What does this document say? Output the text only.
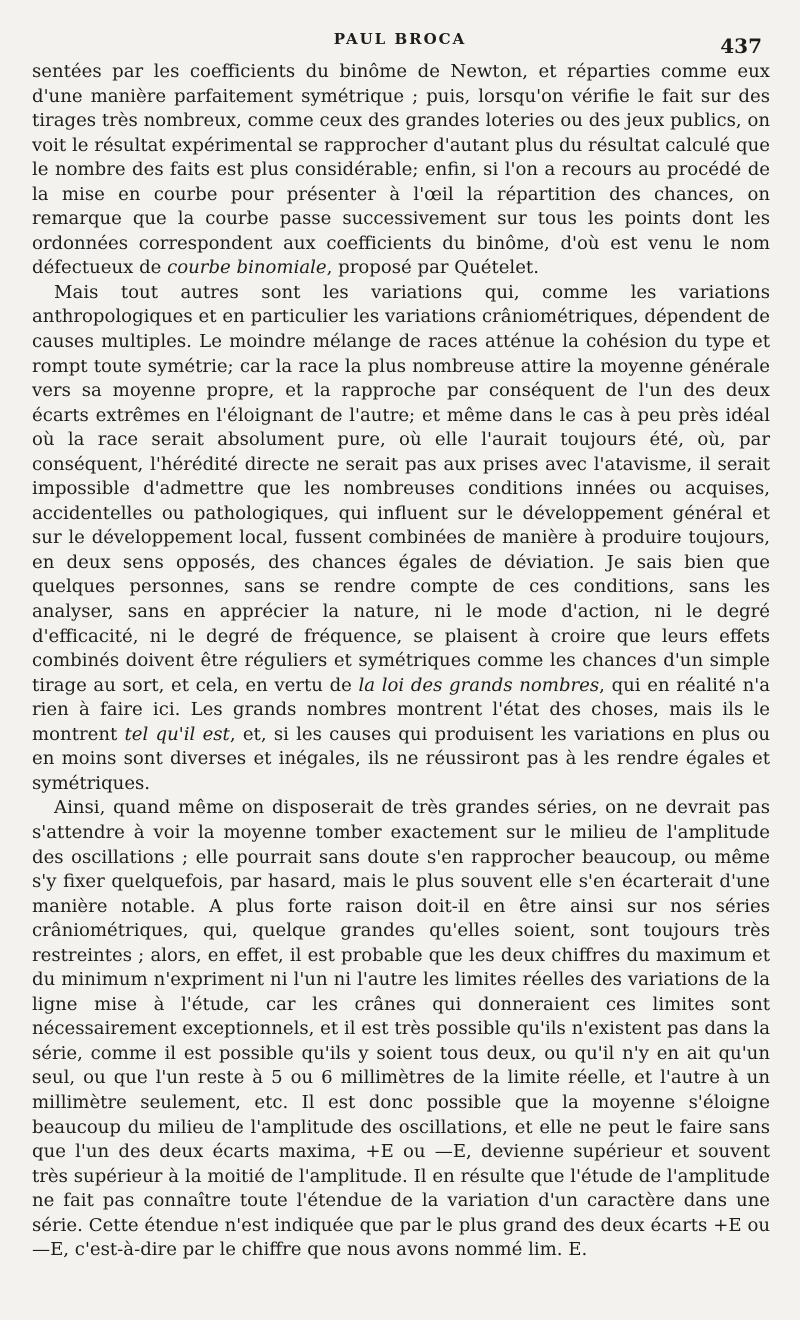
PAUL BROCA	437

sentées par les coefficients du binôme de Newton, et réparties comme eux d'une manière parfaitement symétrique ; puis, lorsqu'on vérifie le fait sur des tirages très nombreux, comme ceux des grandes loteries ou des jeux publics, on voit le résultat expérimental se rapprocher d'autant plus du résultat calculé que le nombre des faits est plus considérable; enfin, si l'on a recours au procédé de la mise en courbe pour présenter à l'œil la répartition des chances, on remarque que la courbe passe successivement sur tous les points dont les ordonnées correspondent aux coefficients du binôme, d'où est venu le nom défectueux de courbe binomiale, proposé par Quételet.

Mais tout autres sont les variations qui, comme les variations anthropologiques et en particulier les variations crâniométriques, dépendent de causes multiples. Le moindre mélange de races atténue la cohésion du type et rompt toute symétrie; car la race la plus nombreuse attire la moyenne générale vers sa moyenne propre, et la rapproche par conséquent de l'un des deux écarts extrêmes en l'éloignant de l'autre; et même dans le cas à peu près idéal où la race serait absolument pure, où elle l'aurait toujours été, où, par conséquent, l'hérédité directe ne serait pas aux prises avec l'atavisme, il serait impossible d'admettre que les nombreuses conditions innées ou acquises, accidentelles ou pathologiques, qui influent sur le développement général et sur le développement local, fussent combinées de manière à produire toujours, en deux sens opposés, des chances égales de déviation. Je sais bien que quelques personnes, sans se rendre compte de ces conditions, sans les analyser, sans en apprécier la nature, ni le mode d'action, ni le degré d'efficacité, ni le degré de fréquence, se plaisent à croire que leurs effets combinés doivent être réguliers et symétriques comme les chances d'un simple tirage au sort, et cela, en vertu de la loi des grands nombres, qui en réalité n'a rien à faire ici. Les grands nombres montrent l'état des choses, mais ils le montrent tel qu'il est, et, si les causes qui produisent les variations en plus ou en moins sont diverses et inégales, ils ne réussiront pas à les rendre égales et symétriques.

Ainsi, quand même on disposerait de très grandes séries, on ne devrait pas s'attendre à voir la moyenne tomber exactement sur le milieu de l'amplitude des oscillations ; elle pourrait sans doute s'en rapprocher beaucoup, ou même s'y fixer quelquefois, par hasard, mais le plus souvent elle s'en écarterait d'une manière notable. A plus forte raison doit-il en être ainsi sur nos séries crâniométriques, qui, quelque grandes qu'elles soient, sont toujours très restreintes ; alors, en effet, il est probable que les deux chiffres du maximum et du minimum n'expriment ni l'un ni l'autre les limites réelles des variations de la ligne mise à l'étude, car les crânes qui donneraient ces limites sont nécessairement exceptionnels, et il est très possible qu'ils n'existent pas dans la série, comme il est possible qu'ils y soient tous deux, ou qu'il n'y en ait qu'un seul, ou que l'un reste à 5 ou 6 millimètres de la limite réelle, et l'autre à un millimètre seulement, etc. Il est donc possible que la moyenne s'éloigne beaucoup du milieu de l'amplitude des oscillations, et elle ne peut le faire sans que l'un des deux écarts maxima, +E ou —E, devienne supérieur et souvent très supérieur à la moitié de l'amplitude. Il en résulte que l'étude de l'amplitude ne fait pas connaître toute l'étendue de la variation d'un caractère dans une série. Cette étendue n'est indiquée que par le plus grand des deux écarts +E ou —E, c'est-à-dire par le chiffre que nous avons nommé lim. E.
